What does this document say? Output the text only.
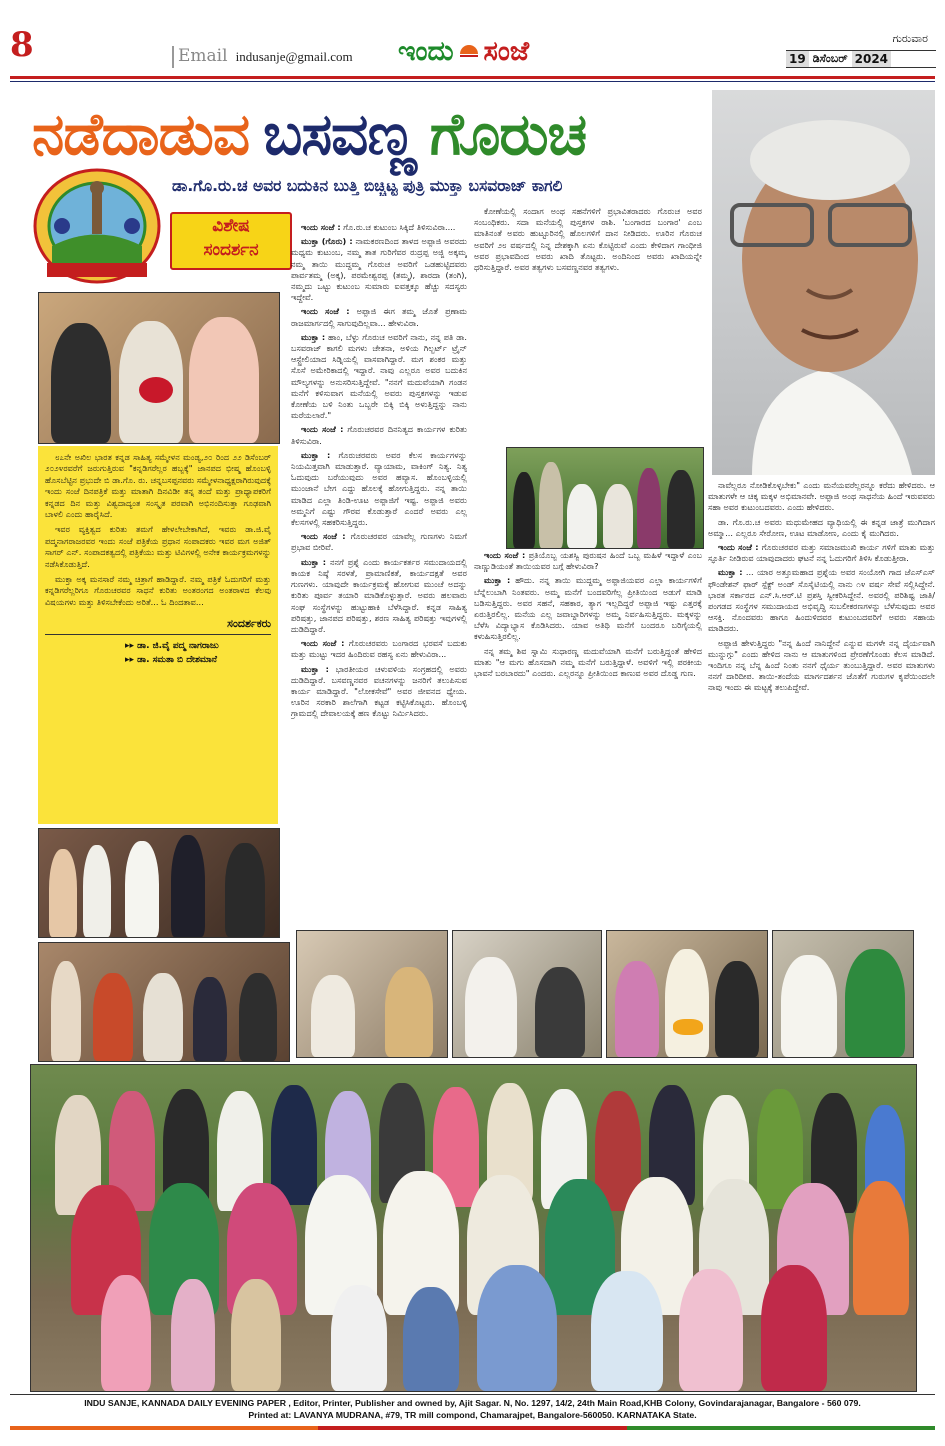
8	Email indusanje@gmail.com ಇಂದು ಸಂಜೆ	ಗುರುವಾರ
19 ಡಿಸೆಂಬರ್ 2024
ನಡೆದಾಡುವ ಬಸವಣ್ಣ ಗೊರುಚ
ಡಾ.ಗೊ.ರು.ಚ ಅವರ ಬದುಕಿನ ಬುತ್ತಿ ಬಿಚ್ಚಿಟ್ಟ ಪುತ್ರಿ ಮುಕ್ತಾ ಬಸವರಾಜ್ ಕಾಗಲಿ
ವಿಶೇಷ
ಸಂದರ್ಶನ

೮೭ನೇ ಅಖಿಲ ಭಾರತ ಕನ್ನಡ ಸಾಹಿತ್ಯ ಸಮ್ಮೇಳನ ಮಂಡ್ಯ,೨೦ ರಿಂದ ೨೨ ಡಿಸೆಂಬರ್ ೨೦೨೪ರವರೆಗೆ ಜರುಗುತ್ತಿರುವ "ಕನ್ನಡಿಗರೆಲ್ಲರ ಹಬ್ಬಕ್ಕೆ" ಜಾನಪದ ಭೀಷ್ಮ ಹೊಂಬಳ್ಳಿ ಹೊಸಬೆಟ್ಟಿನ ಪ್ರಭುದೇ ಬಿ ಡಾ.ಗೊ. ರು. ಚನ್ನಬಸಪ್ಪನವರು ಸಮ್ಮೇಳನಾಧ್ಯಕ್ಷರಾಗಿರುವುದಕ್ಕೆ ಇಂದು ಸಂಜೆ ದಿನಪತ್ರಿಕೆ ಮತ್ತು ಮಾತಾಗಿ ದಿನವಿಡೀ ತನ್ನ ತಂದೆ ಮತ್ತು ಪ್ರಾಧ್ಯಾಪಕರಿಗೆ ಕನ್ನಡದ ದಿನ ಮತ್ತು ವಿಶ್ವದಾದ್ಯಂತ ಸಂಸ್ಕೃತ ಪರವಾಗಿ ಅಭಿನಂದಿಸುತ್ತಾ ಗೂಢವಾಗಿ ಬಾಳಲಿ ಎಂದು ಹಾರೈಸಿದೆ.

ಇವರ ವ್ಯಕ್ತಿತ್ವದ ಕುರಿತು ತಮಗೆ ಹೇಳಲೇಬೇಕಾಗಿದೆ, ಇವರು ಡಾ.ಜಿ.ವೈ ಪದ್ಮನಾಗರಾಜರವರ ಇಂದು ಸಂಜೆ ಪತ್ರಿಕೆಯ ಪ್ರಧಾನ ಸಂಪಾದಕರು ಇವರ ಮಗ ಅಜಿತ್ ಸಾಗರ್ ಎನ್. ಸಂಪಾದಕತ್ವದಲ್ಲಿ ಪತ್ರಿಕೆಯು ಮತ್ತು ಟಿವಿಗಳಲ್ಲಿ ಅನೇಕ ಕಾರ್ಯಕ್ರಮಗಳನ್ನು ನಡೆಸಿಕೊಡುತ್ತಿದೆ.

ಮುಕ್ತಾ ಅಕ್ಕ ಮನಸಾರೆ ನಮ್ಮ ಚಿತ್ರಾಗೆ ಹಾಡಿದ್ದಾರೆ. ನಮ್ಮ ಪತ್ರಿಕೆ ಓದುಗರಿಗೆ ಮತ್ತು ಕನ್ನಡಿಗರೆಲ್ಲರಿಗೂ ಗೊರುಚರವರ ಸಾಧನೆ ಕುರಿತು ಅಂತರಂಗದ ಅಂತರಾಳದ ಕೆಲವು ವಿಷಯಗಳು ಮತ್ತು ತಿಳಿಸಬೇಕೆಂದು ಅರಿತೆ... ಓ ದಿಂದತಾವ...

ಸಂದರ್ಶಕರು
▸▸ ಡಾ. ಜಿ.ವೈ ಪದ್ಮ ನಾಗರಾಜು
▸▸ ಡಾ. ಸಮತಾ ಬಿ ದೇಶಮಾನೆ

ಇಂದು ಸಂಜೆ : ಗೊ.ರು.ಚ ಕುಟುಂಬ ಸಿಕ್ಕಿದೆ ತಿಳಿಸುವಿರಾ....

ಮುಕ್ತಾ (ಗೊರು) : ನಾಮಕರಣದಿಂದ ತಾಳದ ಅಪ್ಪಾಜಿ ಅವರದು ಮಧ್ಯಮ ಕುಟುಂಬ, ನಮ್ಮ ತಾತ ಗುರಿಗೆವರ ರುದ್ರಪ್ಪ ಅಜ್ಜಿ ಅಕ್ಕಮ್ಮ ನಮ್ಮ ತಾಯಿ ಮುದ್ದಮ್ಮ ಗೊರುಚ ಅವರಿಗೆ ಒಡಹುಟ್ಟಿದವರು ಪಾರ್ವತಮ್ಮ (ಅಕ್ಕ), ಪರಮೇಶ್ವರಪ್ಪ (ತಮ್ಮ), ಶಾರದಾ (ತಂಗಿ), ನಮ್ಮದು ಒಟ್ಟು ಕುಟುಂಬ ಸುಮಾರು ಐವತ್ತಕ್ಕೂ ಹೆಚ್ಚು ಸದಸ್ಯರು ಇದ್ದೇವೆ.

ಇಂದು ಸಂಜೆ : ಅಪ್ಪಾಜಿ ಈಗ ತಮ್ಮ ಜೊತೆ ಪ್ರಣಾಮ ರಾಜಮಾರ್ಗದಲ್ಲಿ ಸಾಗುವುದಿಲ್ಲವಾ... ಹೇಳುವಿರಾ.

ಮುಕ್ತಾ : ಹಾಂ, ಬೆಳ್ಳು ಗೊರುಚ ಅವರಿಗೆ ನಾನು, ನನ್ನ ಪತಿ ಡಾ. ಬಸವರಾಜ್ ಕಾಗಲಿ ಮಗಳು ಚೇತನಾ, ಅಳಿಯ ಗಿಲ್ಬರ್ಟ್ ಟ್ರೈನ್ ಆಸ್ಟ್ರೇಲಿಯಾದ ಸಿಡ್ನಿಯಲ್ಲಿ ವಾಸವಾಗಿದ್ದಾರೆ. ಮಗ ಶಂಕರ ಮತ್ತು ಸೊಸೆ ಅಮೇರಿಕಾದಲ್ಲಿ ಇದ್ದಾರೆ. ನಾವು ಎಲ್ಲರೂ ಅವರ ಬದುಕಿನ ಮೌಲ್ಯಗಳನ್ನು ಅನುಸರಿಸುತ್ತಿದ್ದೇವೆ. "ನನಗೆ ಮದುವೆಯಾಗಿ ಗಂಡನ ಮನೆಗೆ ಕಳಿಸುವಾಗ ಮನೆಯಲ್ಲಿ ಅವರು ಪುಸ್ತಕಗಳನ್ನು ಇಡುವ ಕೋಣೆಯ ಬಳಿ ನಿಂತು ಒಬ್ಬರೇ ಬಿಕ್ಕಿ ಬಿಕ್ಕಿ ಅಳುತ್ತಿದ್ದನ್ನು ನಾನು ಮರೆಯಲಾರೆ."

ಇಂದು ಸಂಜೆ : ಗೊರುಚರವರ ದಿನನಿತ್ಯದ ಕಾರ್ಯಗಳ ಕುರಿತು ತಿಳಿಸುವಿರಾ.

ಮುಕ್ತಾ : ಗೊರುಚರವರು ಅವರ ಕೆಲಸ ಕಾರ್ಯಗಳನ್ನು ನಿಯಮಿತ್ತವಾಗಿ ಮಾಡುತ್ತಾರೆ. ವ್ಯಾಯಾಮ, ವಾಕಿಂಗ್ ನಿತ್ಯ. ನಿತ್ಯ ಓದುವುದು ಬರೆಯುವುದು ಅವರ ಹವ್ಯಾಸ. ಹೊಂಬಳ್ಳಿಯಲ್ಲಿ ಮುಂಜಾನೆ ಬೇಗ ಎದ್ದು ಹೊಲಕ್ಕೆ ಹೋಗುತ್ತಿದ್ದರು. ನನ್ನ ತಾಯಿ ಮಾಡಿದ ಎಲ್ಲಾ ತಿಂಡಿ-ಊಟ ಅಪ್ಪಾಜಿಗೆ ಇಷ್ಟ. ಅಪ್ಪಾಜಿ ಅವರು ಅಮ್ಮನಿಗೆ ಎಷ್ಟು ಗೌರವ ಕೊಡುತ್ತಾರೆ ಎಂದರೆ ಅವರು ಎಲ್ಲ ಕೆಲಸಗಳಲ್ಲಿ ಸಹಕರಿಸುತ್ತಿದ್ದರು.

ಇಂದು ಸಂಜೆ : ಗೊರುಚರವರ ಯಾವೆಲ್ಲ ಗುಣಗಳು ನಿಮಗೆ ಪ್ರಭಾವ ಬೀರಿವೆ.

ಮುಕ್ತಾ : ನನಗೆ ಪ್ರಶ್ನೆ ಎಂದು ಕಾರ್ಯಕರ್ತರ ಸಮುದಾಯದಲ್ಲಿ ಕಾಯಕ ನಿಷ್ಠೆ ಸರಳತೆ, ಪ್ರಾಮಾಣಿಕತೆ, ಕಾರ್ಯದಕ್ಷತೆ ಅವರ ಗುಣಗಳು. ಯಾವುದೇ ಕಾರ್ಯಕ್ರಮಕ್ಕೆ ಹೋಗುವ ಮುಂಚೆ ಅದನ್ನು ಕುರಿತು ಪೂರ್ವ ತಯಾರಿ ಮಾಡಿಕೊಳ್ಳುತ್ತಾರೆ. ಅವರು ಹಲವಾರು ಸಂಘ ಸಂಸ್ಥೆಗಳನ್ನು ಹುಟ್ಟುಹಾಕಿ ಬೆಳೆಸಿದ್ದಾರೆ. ಕನ್ನಡ ಸಾಹಿತ್ಯ ಪರಿಷತ್ತು, ಜಾನಪದ ಪರಿಷತ್ತು, ಶರಣ ಸಾಹಿತ್ಯ ಪರಿಷತ್ತು ಇವುಗಳಲ್ಲಿ ದುಡಿದಿದ್ದಾರೆ.

ಇಂದು ಸಂಜೆ : ಗೊರುಚರವರು ಬಂಗಾರದ ಭರವಸೆ ಬದುಕು ಮತ್ತು ಮುಟ್ಟು ಇದರ ಹಿಂದಿರುವ ರಹಸ್ಯ ಏನು ಹೇಳುವಿರಾ...

ಮುಕ್ತಾ : ಭಾರತೀಯರ ಚಳುವಳಿಯ ಸಂಗ್ರಹದಲ್ಲಿ ಅವರು ದುಡಿದಿದ್ದಾರೆ. ಬಸವಣ್ಣನವರ ವಚನಗಳನ್ನು ಜನರಿಗೆ ತಲುಪಿಸುವ ಕಾರ್ಯ ಮಾಡಿದ್ದಾರೆ. "ಲೋಕಸೇವೆ" ಅವರ ಜೀವನದ ಧ್ಯೇಯ. ಊರಿನ ಸರಕಾರಿ ಶಾಲೆಗಾಗಿ ಕಟ್ಟಡ ಕಟ್ಟಿಸಿಕೊಟ್ಟರು. ಹೊಂಬಳ್ಳಿ ಗ್ರಾಮದಲ್ಲಿ ದೇವಾಲಯಕ್ಕೆ ಹಣ ಕೊಟ್ಟು ನಿರ್ಮಿಸಿದರು.

ಕೋಣೆಯಲ್ಲಿ ಸಂದಾಗ ಅಂಥ ಸಹನೆಗಳಿಗೆ ಪ್ರಭಾವಿತರಾದರು ಗೊರುಚ ಅವರ ಸಂಬಂಧಿಕರು. ಸದಾ ಮನೆಯಲ್ಲಿ ಪುಸ್ತಕಗಳ ರಾಶಿ. 'ಬಂಗಾರದ ಬಂಗಾರ' ಎಂಬ ಮಾತಿನಂತೆ ಅವರು ಹುಟ್ಟೂರಿನಲ್ಲಿ ಹೊಲಗಳಿಗೆ ದಾನ ನೀಡಿದರು. ಊರಿನ ಗೊರುಚ ಅವರಿಗೆ ೨೮ ವರ್ಷದಲ್ಲಿ ನಿನ್ನ ದೇಶಕ್ಕಾಗಿ ಏನು ಕೊಟ್ಟಿರುವೆ ಎಂದು ಕೇಳಿದಾಗ ಗಾಂಧೀಜಿ ಅವರ ಪ್ರಭಾವದಿಂದ ಅವರು ಖಾದಿ ತೊಟ್ಟರು. ಅಂದಿನಿಂದ ಅವರು ಖಾದಿಯನ್ನೇ ಧರಿಸುತ್ತಿದ್ದಾರೆ. ಅವರ ತತ್ವಗಳು ಬಸವಣ್ಣನವರ ತತ್ವಗಳು.

ಇಂದು ಸಂಜೆ : ಪ್ರತಿಯೊಬ್ಬ ಯಶಸ್ವಿ ಪುರುಷನ ಹಿಂದೆ ಒಬ್ಬ ಮಹಿಳೆ ಇದ್ದಾಳೆ ಎಂಬ ನಾಣ್ಣುಡಿಯಂತೆ ತಾಯಿಯವರ ಬಗ್ಗೆ ಹೇಳುವಿರಾ?

ಮುಕ್ತಾ : ಹೌದು. ನನ್ನ ತಾಯಿ ಮುದ್ದಮ್ಮ ಅಪ್ಪಾಜಿಯವರ ಎಲ್ಲಾ ಕಾರ್ಯಗಳಿಗೆ ಬೆನ್ನೆಲುಬಾಗಿ ನಿಂತವರು. ಅಮ್ಮ ಮನೆಗೆ ಬಂದವರಿಗೆಲ್ಲ ಪ್ರೀತಿಯಿಂದ ಅಡುಗೆ ಮಾಡಿ ಬಡಿಸುತ್ತಿದ್ದರು. ಅವರ ಸಹನೆ, ಸಹಕಾರ, ತ್ಯಾಗ ಇಲ್ಲದಿದ್ದರೆ ಅಪ್ಪಾಜಿ ಇಷ್ಟು ಎತ್ತರಕ್ಕೆ ಏರುತ್ತಿರಲಿಲ್ಲ. ಮನೆಯ ಎಲ್ಲ ಜವಾಬ್ದಾರಿಗಳನ್ನು ಅಮ್ಮ ನಿರ್ವಹಿಸುತ್ತಿದ್ದರು. ಮಕ್ಕಳನ್ನು ಬೆಳೆಸಿ ವಿದ್ಯಾಭ್ಯಾಸ ಕೊಡಿಸಿದರು. ಯಾವ ಅತಿಥಿ ಮನೆಗೆ ಬಂದರೂ ಬರಿಗೈಯಲ್ಲಿ ಕಳುಹಿಸುತ್ತಿರಲಿಲ್ಲ.

ನನ್ನ ತಮ್ಮ ಶಿವ ಸ್ವಾಮಿ ಸುಧಾರಣ್ಣ ಮದುವೆಯಾಗಿ ಮನೆಗೆ ಬರುತ್ತಿದ್ದಂತೆ ಹೇಳಿದ ಮಾತು "ಆ ಮಗು ಹೊಸದಾಗಿ ನಮ್ಮ ಮನೆಗೆ ಬರುತ್ತಿದ್ದಾಳೆ. ಅವಳಿಗೆ ಇಲ್ಲಿ ಪರಕೀಯ ಭಾವನೆ ಬರಬಾರದು" ಎಂದರು. ಎಲ್ಲರನ್ನೂ ಪ್ರೀತಿಯಿಂದ ಕಾಣುವ ಅವರ ದೊಡ್ಡ ಗುಣ.

ನಾವೆಲ್ಲರೂ ನೋಡಿಕೊಳ್ಳಬೇಕು" ಎಂದು ಮನೆಯವರೆಲ್ಲರನ್ನೂ ಕರೆದು ಹೇಳಿದರು. ಆ ಮಾತುಗಳೇ ಆ ಚಿಕ್ಕ ಮಕ್ಕಳ ಅಭಿಮಾನವೇ. ಅಪ್ಪಾಜಿ ಅಂಥ ಸಾಧನೆಯ ಹಿಂದೆ ಇರುವವರು ಸಹಾ ಅವರ ಕುಟುಂಬದವರು. ಎಂದು ಹೇಳಿದರು.

ಡಾ. ಗೊ.ರು.ಚ ಅವರು ಮಧುಮೇಹದ ವ್ಯಾಧಿಯಲ್ಲಿ ಈ ಕನ್ನಡ ಜಾತ್ರೆ ಮುಗಿದಾಗ ಅಮ್ಮಾ... ಎಲ್ಲರೂ ಸೇರೋಣ, ಊಟ ಮಾಡೋಣ, ಎಂದು ಕೈ ಮುಗಿದರು.

ಇಂದು ಸಂಜೆ : ಗೊರುಚರವರ ಮತ್ತು ಸಮಾಜಮುಖಿ ಕಾರ್ಯ ಗಳಿಗೆ ಮಾತು ಮತ್ತು ಸ್ಫೂರ್ತಿ ನೀಡಿರುವ ಯಾವುದಾದರು ಘಟನೆ ನನ್ನ ಓದುಗರಿಗೆ ತಿಳಿಸಿ ಕೊಡುತ್ತೀರಾ.

ಮುಕ್ತಾ : ... ಯಾರ ಅತ್ತೂಮಹಾದ ಪ್ರಶ್ನೆಯ ಅವರ ಸಂಯೋಗಿ ಗಾದ ಜೆಎಸ್‌ಎಸ್ ಫೌಂಡೇಶನ್ ಫಾರ್ ಸ್ಪೆಕ್ಟ್ ಅಂಡ್ ಸೊಸೈಟಿಯಲ್ಲಿ ನಾನು ೧೪ ವರ್ಷ ಸೇವೆ ಸಲ್ಲಿಸಿದ್ದೇನೆ. ಭಾರತ ಸರ್ಕಾರದ ಎನ್.ಸಿ.ಆರ್.ಟಿ ಪ್ರಶಸ್ತಿ ಸ್ವೀಕರಿಸಿದ್ದೇನೆ. ಅವರಲ್ಲಿ ಪರಿಶಿಷ್ಟ ಜಾತಿ/ಪಂಗಡದ ಸಂಸ್ಥೆಗಳ ಸಮುದಾಯದ ಅಭಿವೃದ್ಧಿ ಸುಬಲೀಕರಣಗಳನ್ನು ಬೆಳೆಸುವುದು ಅವರ ಆಸಕ್ತಿ. ನೊಂದವರು ಹಾಗೂ ಹಿಂದುಳಿದವರ ಕುಟುಂಬದವರಿಗೆ ಅವರು ಸಹಾಯ ಮಾಡಿದರು.

ಅಪ್ಪಾಜಿ ಹೇಳುತ್ತಿದ್ದರು "ನನ್ನ ಹಿಂದೆ ನಾನಿದ್ದೇನೆ ಎನ್ನುವ ಮಗಳೇ ನನ್ನ ದೈರ್ಯವಾಗಿ ಮುನ್ನುಗ್ಗು" ಎಂದು ಹೇಳಿದ ನಾನು ಆ ಮಾತುಗಳಿಂದ ಪ್ರೇರಣೆಗೊಂಡು ಕೆಲಸ ಮಾಡಿದೆ. ಇಂದಿಗೂ ನನ್ನ ಬೆನ್ನ ಹಿಂದೆ ನಿಂತು ನನಗೆ ಧೈರ್ಯ ತುಂಬುತ್ತಿದ್ದಾರೆ. ಅವರ ಮಾತುಗಳು ನನಗೆ ದಾರಿದೀಪ. ತಾಯಿ-ತಂದೆಯ ಮಾರ್ಗದರ್ಶನ ಜೊತೆಗೆ ಗುರುಗಳ ಕೃಪೆಯಿಂದಲೇ ನಾವು ಇಂದು ಈ ಮಟ್ಟಕ್ಕೆ ತಲುಪಿದ್ದೇವೆ.

INDU SANJE, KANNADA DAILY EVENING PAPER , Editor, Printer, Publisher and owned by, Ajit Sagar. N, No. 1297, 14/2, 24th Main Road,KHB Colony, Govindarajanagar, Bangalore - 560 079.
Printed at: LAVANYA MUDRANA, #79, TR mill compond, Chamarajpet, Bangalore-560050. KARNATAKA State.
